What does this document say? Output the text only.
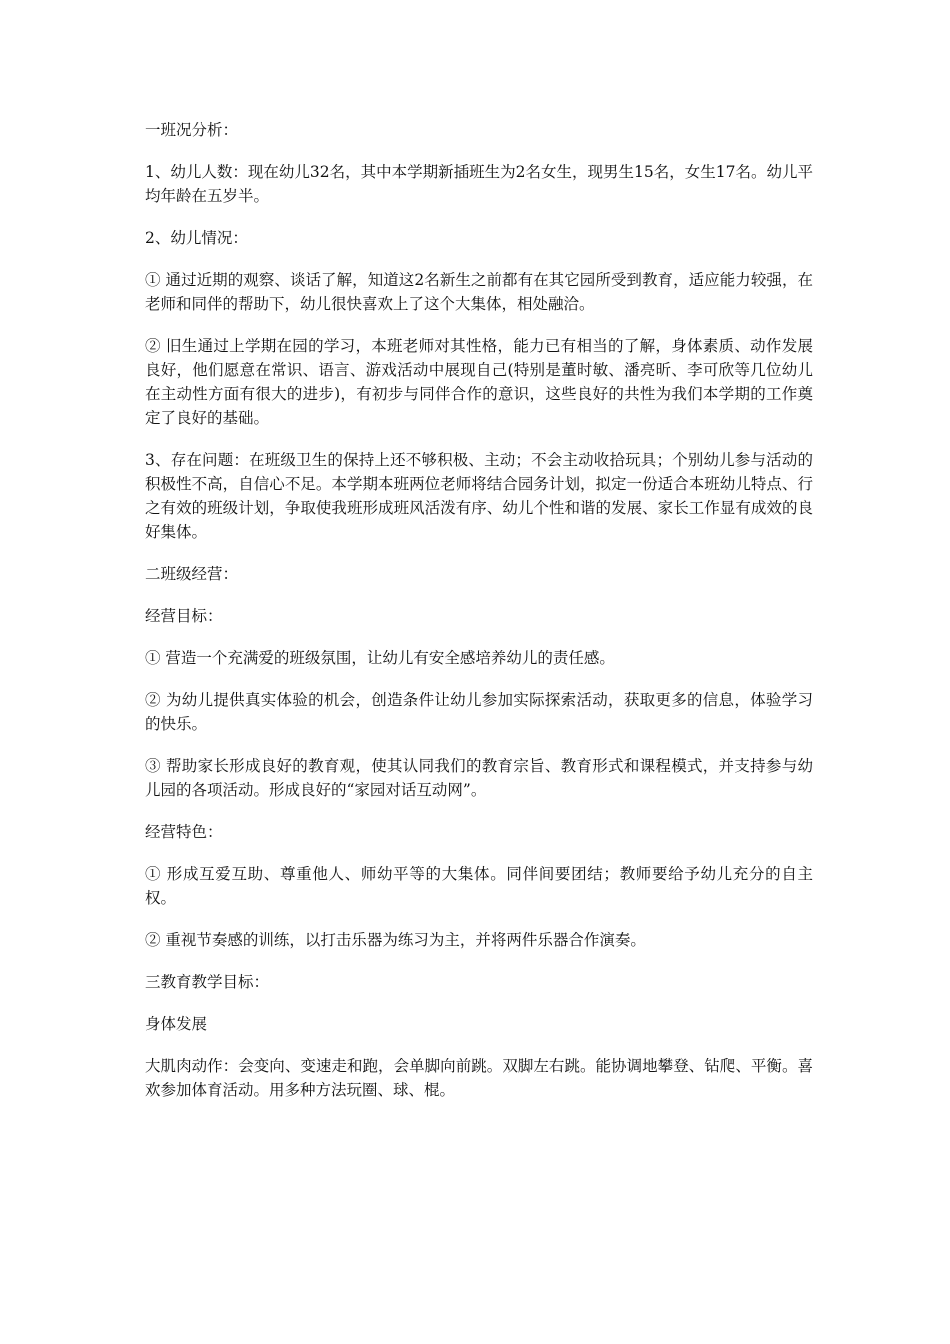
一班况分析：

1、幼儿人数：现在幼儿32名，其中本学期新插班生为2名女生，现男生15名，女生17名。幼儿平均年龄在五岁半。

2、幼儿情况：

① 通过近期的观察、谈话了解，知道这2名新生之前都有在其它园所受到教育，适应能力较强，在老师和同伴的帮助下，幼儿很快喜欢上了这个大集体，相处融洽。

② 旧生通过上学期在园的学习，本班老师对其性格，能力已有相当的了解，身体素质、动作发展良好，他们愿意在常识、语言、游戏活动中展现自己(特别是董时敏、潘亮昕、李可欣等几位幼儿在主动性方面有很大的进步)，有初步与同伴合作的意识，这些良好的共性为我们本学期的工作奠定了良好的基础。

3、存在问题：在班级卫生的保持上还不够积极、主动；不会主动收拾玩具；个别幼儿参与活动的积极性不高，自信心不足。本学期本班两位老师将结合园务计划，拟定一份适合本班幼儿特点、行之有效的班级计划，争取使我班形成班风活泼有序、幼儿个性和谐的发展、家长工作显有成效的良好集体。

二班级经营：

经营目标：

① 营造一个充满爱的班级氛围，让幼儿有安全感培养幼儿的责任感。

② 为幼儿提供真实体验的机会，创造条件让幼儿参加实际探索活动，获取更多的信息，体验学习的快乐。

③ 帮助家长形成良好的教育观，使其认同我们的教育宗旨、教育形式和课程模式，并支持参与幼儿园的各项活动。形成良好的“家园对话互动网”。

经营特色：

① 形成互爱互助、尊重他人、师幼平等的大集体。同伴间要团结；教师要给予幼儿充分的自主权。

② 重视节奏感的训练，以打击乐器为练习为主，并将两件乐器合作演奏。

三教育教学目标：

身体发展

大肌肉动作：会变向、变速走和跑，会单脚向前跳。双脚左右跳。能协调地攀登、钻爬、平衡。喜欢参加体育活动。用多种方法玩圈、球、棍。
